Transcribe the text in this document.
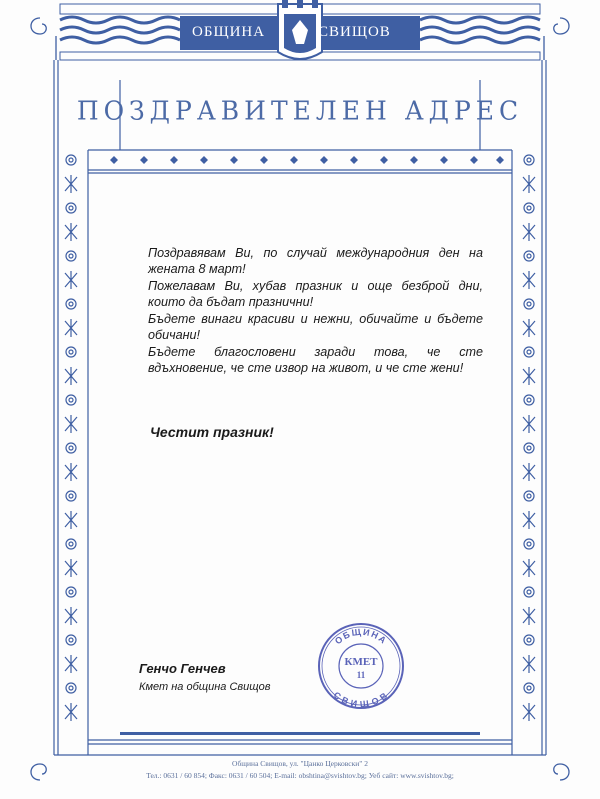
ОБЩИНА	СВИЩОВ
ПОЗДРАВИТЕЛЕН АДРЕС

Поздравявам Ви, по случай международния ден на жената 8 март!

Пожелавам Ви, хубав празник и още безброй дни, които да бъдат празнични!

Бъдете винаги красиви и нежни, обичайте и бъдете обичани!

Бъдете благословени заради това, че сте вдъхновение, че сте извор на живот, и че сте жени!

Честит празник!
Генчо Генчев
Кмет на община Свищов
ОБЩИНА
СВИЩОВ
КМЕТ
11
Община Свищов, ул. "Цанко Церковски" 2
Тел.: 0631 / 60 854; Факс: 0631 / 60 504; E-mail: obshtina@svishtov.bg; Уеб сайт: www.svishtov.bg;
